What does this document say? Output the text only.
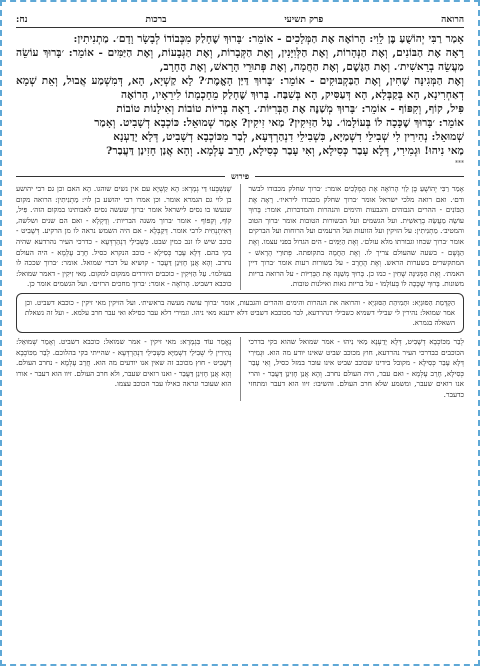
הרואה
פרק תשיעי
ברכות
נח:

אָמַר רַבִּי יְהוֹשֻׁעַ בֶּן לֵוִי: הָרוֹאֶה אֶת הַמְּלָכִים - אוֹמֵר: ׳בָּרוּךְ שֶׁחָלַק מִכְּבוֹדוֹ לְבָשָׂר וָדָם׳. מַתְנִיתִין:

רָאָה אֶת הַבּוֹנִים, וְאֶת הַנְּהָרוֹת, וְאֶת הַלְּוִיָּנִין, וְאֶת הַקְּבָרוֹת, וְאֶת הַגְּבָעוֹת, וְאֶת הַיַּמִּים - אוֹמֵר: ׳בָּרוּךְ עוֹשֵׂה מַעֲשֵׂה בְרֵאשִׁית׳. וְאֶת הַגֶּשֶׁם, וְאֶת הַחֲמָה, וְאֶת פְּתוּרֵי הָרָאשׁ, וְאֶת הֶחָרָב,

וְאֶת הַמְּגִינָּה שֶׁחִין, וְאֶת הַבַּקְבּוּקִים - אוֹמֵר: ׳בָּרוּךְ דַּיַּן הָאֱמֶת׳? לָא קַשְׁיָא, הָא, דְּמִשְׁמַע אֲבוּל, וְאֵת שְׁמָא דְאַחְרִינָא, הָא בְּקַבְּלָא, הָא דְּעַסִּיק, הָא בְּשִׁבַּח. בָּרוּךְ שֶׁחָלַק מֵחָכְמָתוֹ לִירֵאָיו, הָרוֹאֶה

פִּיל, קוֹף, וְקִפּוֹף - אוֹמֵר: ׳בָּרוּךְ מְשַׁנֶּה אֶת הַבְּרִיּוֹת׳. רָאָה בְּרִיּוֹת טוֹבוֹת וְאִילָנוֹת טוֹבוֹת

אוֹמֵר: ׳בָּרוּךְ שֶׁכָּכָה לוֹ בְּעוֹלָמוֹ׳. עַל הַזִּיקִין? מַאי זִיקִין? אָמַר שְׁמוּאֵל: כּוֹכְבָא דְשָׁבִיט. וְאָמַר

שְׁמוּאֵל: נְהִירִין לִי שְׁבִילֵי דִשְׁמַיָּא, כִּשְׁבִילֵי דִנְהַרְדְּעָא, לְבַר מִכּוֹכְבָא דְשָׁבִיט, דְּלָא יָדַעְנָא

מַאי נִיהוּ! וּגְמִירִי, דְּלָא עָבַר כְּסִילָא, וְאִי עָבַר כְּסִילָא, חָרֵב עָלְמָא. וְהָא אֲנַן חָזִינַן דַּעֲבַר?

***
פירוש

אָמַר רַבִּי יְהוֹשֻׁעַ בֶּן לֵוִי הָרוֹאֶה אֶת הַמְּלָכִים אומר: ׳ברוך שחלק מכבודו לבשר ודם׳. ואם רואה מלכי ישראל אומר ׳ברוך שחלק מכבודו ליראיו׳. רָאָה אֶת הַבּוֹנִים - ההרים הגבוהים והגבעות והימים והנהרות והמדברות, אומר: בָּרוּךְ עוֹשֵׂה מַעֲשֵׂה בְרֵאשִׁית. ועל הגשמים ועל הבשורות הטובות אומר ׳ברוך הטוב והמטיב׳. מַתְנִיתִין: על הזיקין ועל הזועות ועל הרעמים ועל הרוחות ועל הברקים אומר ׳ברוך שכחו וגבורתו מלא עולם׳. וְאֶת הַיַּמִּים - הים הגדול בפני עצמו. וְאֶת הַגֶּשֶׁם - בשעה שהעולם צריך לו. וְאֶת הַחֲמָה בתקופתה. פְּתוּרֵי הָרָאשׁ - המתקשרים בשערות הראש. וְאֶת הֶחָרָב - על בשורות רעות אומר ׳ברוך דיין האמת׳. וְאֶת הַמְּגִינָּה שֶׁחִין - כמו כן. בָּרוּךְ מְשַׁנֶּה אֶת הַבְּרִיּוֹת - על הרואה בריות משונות. בָּרוּךְ שֶׁכָּכָה לוֹ בְּעוֹלָמוֹ - על בריות נאות ואילנות טובות.

שֶׁנִּשְׁבְּעוּ דַּי גְמָרְא: הָא קַשְׁיָא עם אין נשים שוהגו. הָא האם וכן גם רבי יהושע בן לוי גם הגמרא אומר. וכן אמרו רבי יהושע בן לוי: מַתְנִיתִין: הרואה מקום שנעשו בו נסים לישראל אומר ׳ברוך שעשה נסים לאבותינו במקום הזה׳. פִּיל, קוֹף, וְקִפּוֹף - אומר ׳ברוך משנה הבריות׳. וְדָּקְלָא - ואם הם שנים ושלשה, דְּאִיתְנְחִית לרבי אומר. דְּקַבְּלָא - אם היה השמש נראה לו מן הרקיע. דְּשָׁבִיט - כוכב שיש לו זנב כמין שבט. כִּשְׁבִילֵי דִנְהַרְדְּעָא - כדרכי העיר נהרדעא שהיה בקי בהם. דְּלָא עָבַר כְּסִילָא - כוכב הנקרא כסיל. חָרֵב עָלְמָא - היה העולם נחרב. וְהָא אֲנַן חָזִינַן דַּעֲבַר - קושיא על דברי שמואל. אומר: ׳ברוך שככה לו בעולמו׳. עַל הַזִּיקִין - כוכבים היורדים ממקום למקום. מַאי זִיקִין - דאמר שמואל: כוכבא דשביט. הָרוֹאֶה - אומר: ׳ברוך מחכים הרזים׳. ועל הגשמים אומר כן.

הַקְדָּמַת הַסּוּגְיָא: וּתְמִיהַת הַסּוּגְיָא - והרואה את הנהרות והימים וההרים והגבעות, אומר ׳ברוך עושה מעשה בראשית׳. ועל הזיקין מאי זיקין - כוכבא דשביט. וכן אמר שמואל: נהירין לי שבילי דשמיא כשבילי דנהרדעא, לבר מכוכבא דשביט דלא ידענא מאי ניהו. וגמירי דלא עבר כסילא ואי עבר חרב עלמא. - ועל זה נשאלת השאלה בגמרא.

לְבַר מִכּוֹכְבָא דְשָׁבִיט, דְּלָא יָדַעְנָא מַאי נִיהוּ - אמר שמואל שהוא בקי בדרכי הכוכבים כבדרכי העיר נהרדעא, חוץ מכוכב שביט שאינו יודע מה הוא. וּגְמִירִי דְּלָא עָבַר כְּסִילָא - מקובל בידינו שכוכב שביט אינו עובר במזל כסיל, וְאִי עָבַר כְּסִילָא, חָרֵב עָלְמָא - ואם עבר, היה העולם נחרב. וְהָא אֲנַן חָזִינַן דַּעֲבַר - והרי אנו רואים שעבר, ומשמע שלא חרב העולם. והשיבו: זיוו הוא דעבר ומתחזי כדעבר.

נֶאֱמַר עוֹד בִּגְמָרָא: מאי זיקין - אמר שמואל: כוכבא דשביט. וְאָמַר שְׁמוּאֵל: נְהִירִין לִי שְׁבִילֵי דִשְׁמַיָּא כִּשְׁבִילֵי דִנְהַרְדְּעָא - שהייתי בקי בהלוכם. לְבַר מִכּוֹכְבָא דְשָׁבִיט - חוץ מכוכב זה שאין אנו יודעים מה הוא. חֲרֵב עָלְמָא - נחרב העולם. וְהָא אֲנַן חָזִינַן דַּעֲבַר - ואנו רואים שעבר, ולא חרב העולם. זיוו הוא דעבר - אורו הוא שעובר ונראה כאילו עבר הכוכב עצמו.
